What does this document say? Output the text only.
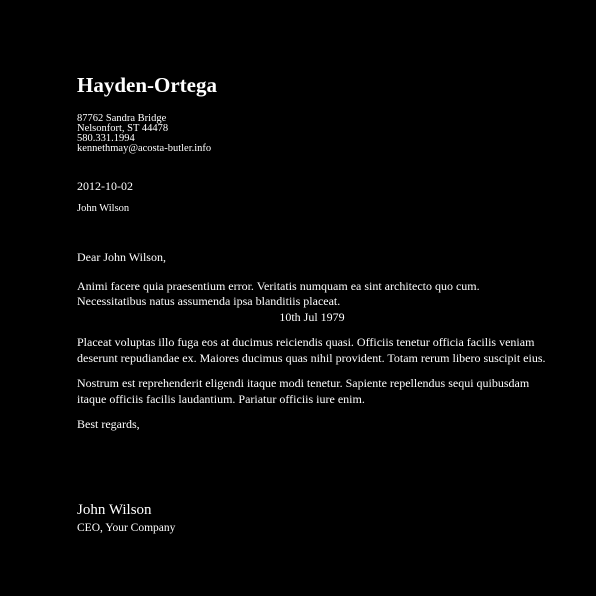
Hayden-Ortega
87762 Sandra Bridge
Nelsonfort, ST 44478
580.331.1994
kennethmay@acosta-butler.info
2012-10-02
John Wilson

Dear John Wilson,

Animi facere quia praesentium error. Veritatis numquam ea sint architecto quo cum. Necessitatibus natus assumenda ipsa blanditiis placeat.

10th Jul 1979

Placeat voluptas illo fuga eos at ducimus reiciendis quasi. Officiis tenetur officia facilis veniam deserunt repudiandae ex. Maiores ducimus quas nihil provident. Totam rerum libero suscipit eius.

Nostrum est reprehenderit eligendi itaque modi tenetur. Sapiente repellendus sequi quibusdam itaque officiis facilis laudantium. Pariatur officiis iure enim.

Best regards,

John Wilson
CEO, Your Company
